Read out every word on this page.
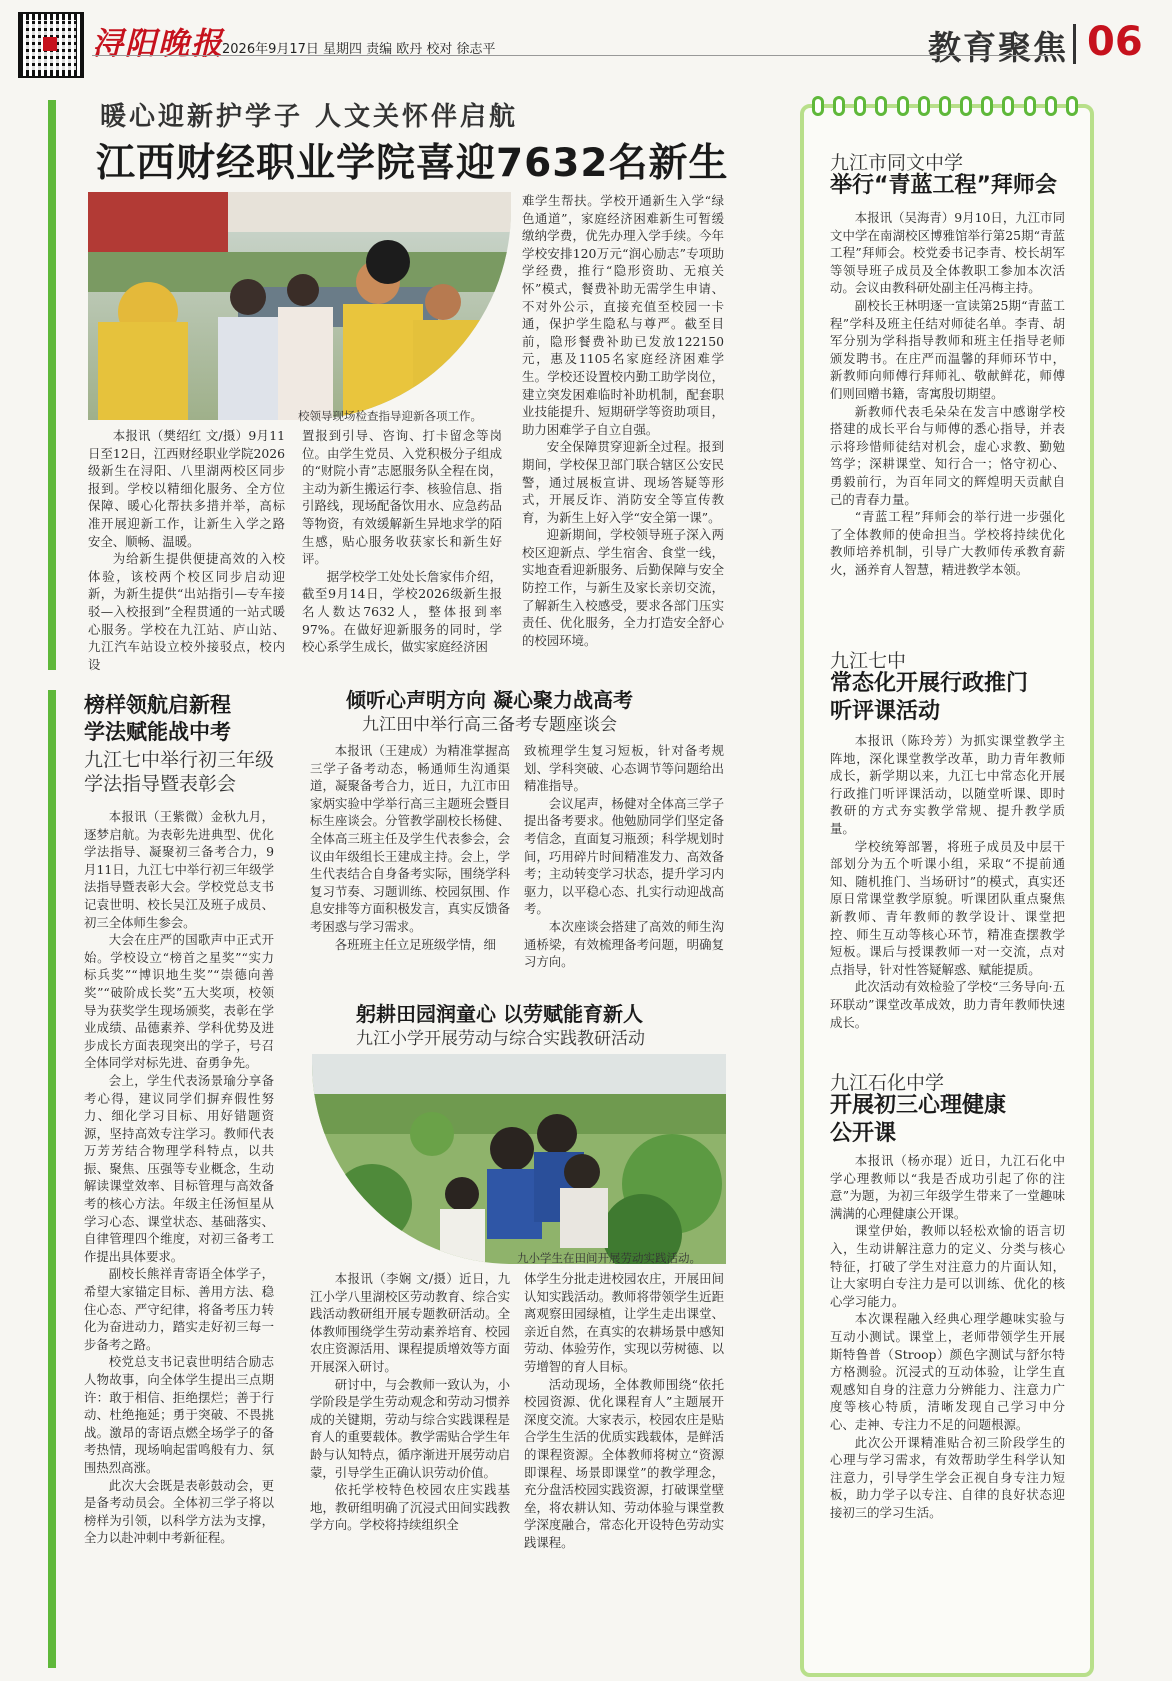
浔阳晚报
2026年9月17日 星期四 责编 欧丹 校对 徐志平	教育聚焦 06
暖心迎新护学子 人文关怀伴启航
江西财经职业学院喜迎7632名新生
校领导现场检查指导迎新各项工作。

本报讯（樊绍红 文/摄）9月11日至12日，江西财经职业学院2026级新生在浔阳、八里湖两校区同步报到。学校以精细化服务、全方位保障、暖心化帮扶多措并举，高标准开展迎新工作，让新生入学之路安全、顺畅、温暖。

为给新生提供便捷高效的入校体验，该校两个校区同步启动迎新，为新生提供“出站指引—专车接驳—入校报到”全程贯通的一站式暖心服务。学校在九江站、庐山站、九江汽车站设立校外接驳点，校内设

置报到引导、咨询、打卡留念等岗位。由学生党员、入党积极分子组成的“财院小青”志愿服务队全程在岗，主动为新生搬运行李、核验信息、指引路线，现场配备饮用水、应急药品等物资，有效缓解新生异地求学的陌生感，贴心服务收获家长和新生好评。

据学校学工处处长詹家伟介绍，截至9月14日，学校2026级新生报名人数达7632人，整体报到率97%。在做好迎新服务的同时，学校心系学生成长，做实家庭经济困

难学生帮扶。学校开通新生入学“绿色通道”，家庭经济困难新生可暂缓缴纳学费，优先办理入学手续。今年学校安排120万元“润心励志”专项助学经费，推行“隐形资助、无痕关怀”模式，餐费补助无需学生申请、不对外公示，直接充值至校园一卡通，保护学生隐私与尊严。截至目前，隐形餐费补助已发放122150元，惠及1105名家庭经济困难学生。学校还设置校内勤工助学岗位，建立突发困难临时补助机制，配套职业技能提升、短期研学等资助项目，助力困难学子自立自强。

安全保障贯穿迎新全过程。报到期间，学校保卫部门联合辖区公安民警，通过展板宣讲、现场答疑等形式，开展反诈、消防安全等宣传教育，为新生上好入学“安全第一课”。

迎新期间，学校领导班子深入两校区迎新点、学生宿舍、食堂一线，实地查看迎新服务、后勤保障与安全防控工作，与新生及家长亲切交流，了解新生入校感受，要求各部门压实责任、优化服务，全力打造安全舒心的校园环境。

榜样领航启新程
学法赋能战中考
九江七中举行初三年级
学法指导暨表彰会

本报讯（王紫微）金秋九月，逐梦启航。为表彰先进典型、优化学法指导、凝聚初三备考合力，9月11日，九江七中举行初三年级学法指导暨表彰大会。学校党总支书记袁世明、校长吴江及班子成员、初三全体师生参会。

大会在庄严的国歌声中正式开始。学校设立“榜首之星奖”“实力标兵奖”“博识地生奖”“崇德向善奖”“破阶成长奖”五大奖项，校领导为获奖学生现场颁奖，表彰在学业成绩、品德素养、学科优势及进步成长方面表现突出的学子，号召全体同学对标先进、奋勇争先。

会上，学生代表汤景瑜分享备考心得，建议同学们摒弃假性努力、细化学习目标、用好错题资源，坚持高效专注学习。教师代表万芳芳结合物理学科特点，以共振、聚焦、压强等专业概念，生动解读课堂效率、目标管理与高效备考的核心方法。年级主任汤恒星从学习心态、课堂状态、基础落实、自律管理四个维度，对初三备考工作提出具体要求。

副校长熊祥青寄语全体学子，希望大家锚定目标、善用方法、稳住心态、严守纪律，将备考压力转化为奋进动力，踏实走好初三每一步备考之路。

校党总支书记袁世明结合励志人物故事，向全体学生提出三点期许：敢于相信、拒绝摆烂；善于行动、杜绝拖延；勇于突破、不畏挑战。激昂的寄语点燃全场学子的备考热情，现场响起雷鸣般有力、氛围热烈高涨。

此次大会既是表彰鼓动会，更是备考动员会。全体初三学子将以榜样为引领，以科学方法为支撑，全力以赴冲刺中考新征程。

倾听心声明方向 凝心聚力战高考
九江田中举行高三备考专题座谈会

本报讯（王建成）为精准掌握高三学子备考动态，畅通师生沟通渠道，凝聚备考合力，近日，九江市田家炳实验中学举行高三主题班会暨目标生座谈会。分管教学副校长杨健、全体高三班主任及学生代表参会，会议由年级组长王建成主持。会上，学生代表结合自身备考实际，围绕学科复习节奏、习题训练、校园氛围、作息安排等方面积极发言，真实反馈备考困惑与学习需求。

各班班主任立足班级学情，细

致梳理学生复习短板，针对备考规划、学科突破、心态调节等问题给出精准指导。

会议尾声，杨健对全体高三学子提出备考要求。他勉励同学们坚定备考信念，直面复习瓶颈；科学规划时间，巧用碎片时间精准发力、高效备考；主动转变学习状态，提升学习内驱力，以平稳心态、扎实行动迎战高考。

本次座谈会搭建了高效的师生沟通桥梁，有效梳理备考问题，明确复习方向。

躬耕田园润童心 以劳赋能育新人
九江小学开展劳动与综合实践教研活动
九小学生在田间开展劳动实践活动。

本报讯（李娴 文/摄）近日，九江小学八里湖校区劳动教育、综合实践活动教研组开展专题教研活动。全体教师围绕学生劳动素养培育、校园农庄资源活用、课程提质增效等方面开展深入研讨。

研讨中，与会教师一致认为，小学阶段是学生劳动观念和劳动习惯养成的关键期，劳动与综合实践课程是育人的重要载体。教学需贴合学生年龄与认知特点，循序渐进开展劳动启蒙，引导学生正确认识劳动价值。

依托学校特色校园农庄实践基地，教研组明确了沉浸式田间实践教学方向。学校将持续组织全

体学生分批走进校园农庄，开展田间认知实践活动。教师将带领学生近距离观察田园绿植，让学生走出课堂、亲近自然，在真实的农耕场景中感知劳动、体验劳作，实现以劳树德、以劳增智的育人目标。

活动现场，全体教师围绕“依托校园资源、优化课程育人”主题展开深度交流。大家表示，校园农庄是贴合学生生活的优质实践载体，是鲜活的课程资源。全体教师将树立“资源即课程、场景即课堂”的教学理念，充分盘活校园实践资源，打破课堂壁垒，将农耕认知、劳动体验与课堂教学深度融合，常态化开设特色劳动实践课程。

九江市同文中学
举行“青蓝工程”拜师会

本报讯（吴海青）9月10日，九江市同文中学在南湖校区博雅馆举行第25期“青蓝工程”拜师会。校党委书记李青、校长胡军等领导班子成员及全体教职工参加本次活动。会议由教科研处副主任冯梅主持。

副校长王林明逐一宣读第25期“青蓝工程”学科及班主任结对师徒名单。李青、胡军分别为学科指导教师和班主任指导老师颁发聘书。在庄严而温馨的拜师环节中，新教师向师傅行拜师礼、敬献鲜花，师傅们则回赠书籍，寄寓殷切期望。

新教师代表毛朵朵在发言中感谢学校搭建的成长平台与师傅的悉心指导，并表示将珍惜师徒结对机会，虚心求教、勤勉笃学；深耕课堂、知行合一；恪守初心、勇毅前行，为百年同文的辉煌明天贡献自己的青春力量。

“青蓝工程”拜师会的举行进一步强化了全体教师的使命担当。学校将持续优化教师培养机制，引导广大教师传承教育薪火，涵养育人智慧，精进教学本领。

九江七中
常态化开展行政推门
听评课活动

本报讯（陈玲芳）为抓实课堂教学主阵地，深化课堂教学改革，助力青年教师成长，新学期以来，九江七中常态化开展行政推门听评课活动，以随堂听课、即时教研的方式夯实教学常规、提升教学质量。

学校统筹部署，将班子成员及中层干部划分为五个听课小组，采取“不提前通知、随机推门、当场研讨”的模式，真实还原日常课堂教学原貌。听课团队重点聚焦新教师、青年教师的教学设计、课堂把控、师生互动等核心环节，精准查摆教学短板。课后与授课教师一对一交流，点对点指导，针对性答疑解惑、赋能提质。

此次活动有效检验了学校“三务导向·五环联动”课堂改革成效，助力青年教师快速成长。

九江石化中学
开展初三心理健康
公开课

本报讯（杨亦琨）近日，九江石化中学心理教师以“我是否成功引起了你的注意”为题，为初三年级学生带来了一堂趣味满满的心理健康公开课。

课堂伊始，教师以轻松欢愉的语言切入，生动讲解注意力的定义、分类与核心特征，打破了学生对注意力的片面认知，让大家明白专注力是可以训练、优化的核心学习能力。

本次课程融入经典心理学趣味实验与互动小测试。课堂上，老师带领学生开展斯特鲁普（Stroop）颜色字测试与舒尔特方格测验。沉浸式的互动体验，让学生直观感知自身的注意力分辨能力、注意力广度等核心特质，清晰发现自己学习中分心、走神、专注力不足的问题根源。

此次公开课精准贴合初三阶段学生的心理与学习需求，有效帮助学生科学认知注意力，引导学生学会正视自身专注力短板，助力学子以专注、自律的良好状态迎接初三的学习生活。
